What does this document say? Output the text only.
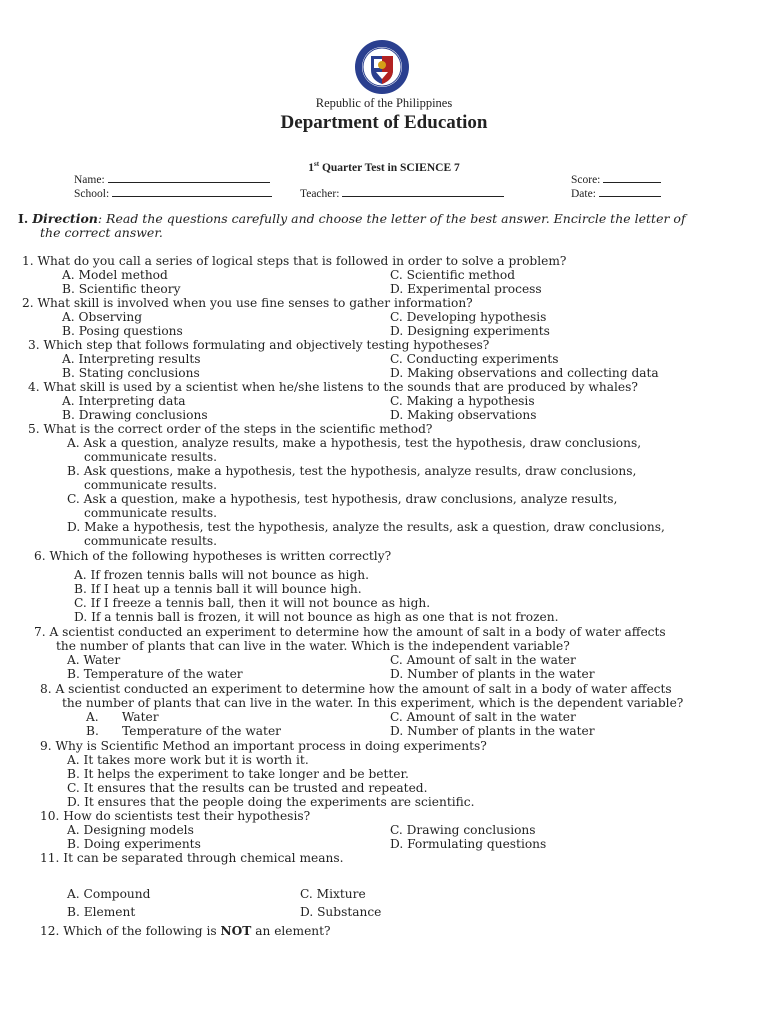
Republic of the Philippines
Department of Education
1st Quarter Test in SCIENCE 7
Name:
School:	Teacher:
Score:
Date:
I. Direction: Read the questions carefully and choose the letter of the best answer. Encircle the letter of
the correct answer.
1. What do you call a series of logical steps that is followed in order to solve a problem?
A. Model method	C. Scientific method
B. Scientific theory	D. Experimental process
2. What skill is involved when you use fine senses to gather information?
A. Observing	C. Developing hypothesis
B. Posing questions	D. Designing experiments
3. Which step that follows formulating and objectively testing hypotheses?
A. Interpreting results	C. Conducting experiments
B. Stating conclusions	D. Making observations and collecting data
4. What skill is used by a scientist when he/she listens to the sounds that are produced by whales?
A. Interpreting data	C. Making a hypothesis
B. Drawing conclusions	D. Making observations
5. What is the correct order of the steps in the scientific method?
A. Ask a question, analyze results, make a hypothesis, test the hypothesis, draw conclusions,
communicate results.
B. Ask questions, make a hypothesis, test the hypothesis, analyze results, draw conclusions,
communicate results.
C. Ask a question, make a hypothesis, test hypothesis, draw conclusions, analyze results,
communicate results.
D. Make a hypothesis, test the hypothesis, analyze the results, ask a question, draw conclusions,
communicate results.
6. Which of the following hypotheses is written correctly?
A. If frozen tennis balls will not bounce as high.
B. If I heat up a tennis ball it will bounce high.
C. If I freeze a tennis ball, then it will not bounce as high.
D. If a tennis ball is frozen, it will not bounce as high as one that is not frozen.
7. A scientist conducted an experiment to determine how the amount of salt in a body of water affects
the number of plants that can live in the water. Which is the independent variable?
A. Water	C. Amount of salt in the water
B. Temperature of the water	D. Number of plants in the water
8. A scientist conducted an experiment to determine how the amount of salt in a body of water affects
the number of plants that can live in the water. In this experiment, which is the dependent variable?
A.      Water	C. Amount of salt in the water
B.      Temperature of the water	D. Number of plants in the water
9. Why is Scientific Method an important process in doing experiments?
A. It takes more work but it is worth it.
B. It helps the experiment to take longer and be better.
C. It ensures that the results can be trusted and repeated.
D. It ensures that the people doing the experiments are scientific.
10. How do scientists test their hypothesis?
A. Designing models	C. Drawing conclusions
B. Doing experiments	D. Formulating questions
11. It can be separated through chemical means.
A. Compound	C. Mixture
B. Element	D. Substance
12. Which of the following is NOT an element?
